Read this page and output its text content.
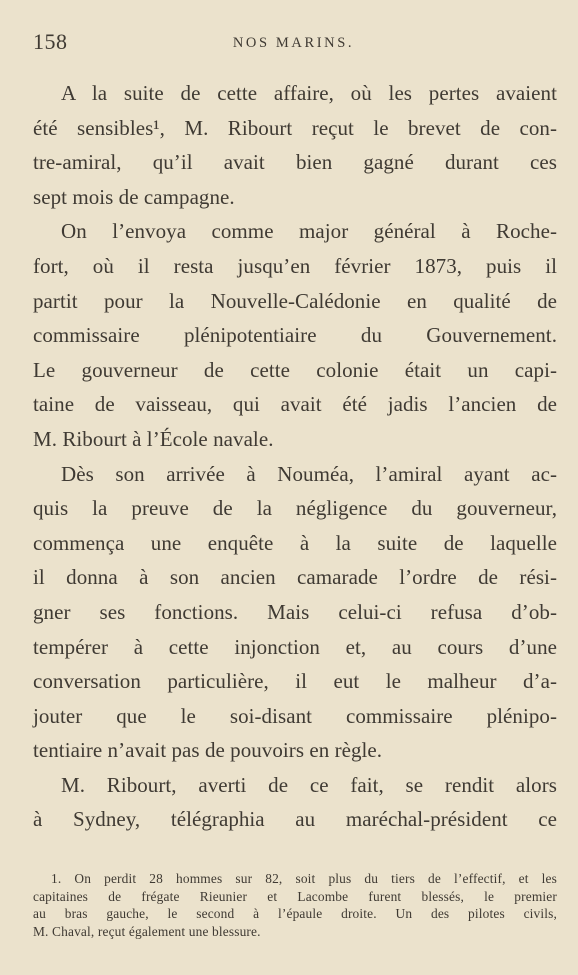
158	NOS MARINS.
A la suite de cette affaire, où les pertes avaient
été sensibles¹, M. Ribourt reçut le brevet de con-
tre-amiral, qu’il avait bien gagné durant ces
sept mois de campagne.
On l’envoya comme major général à Roche-
fort, où il resta jusqu’en février 1873, puis il
partit pour la Nouvelle-Calédonie en qualité de
commissaire plénipotentiaire du Gouvernement.
Le gouverneur de cette colonie était un capi-
taine de vaisseau, qui avait été jadis l’ancien de
M. Ribourt à l’École navale.
Dès son arrivée à Nouméa, l’amiral ayant ac-
quis la preuve de la négligence du gouverneur,
commença une enquête à la suite de laquelle
il donna à son ancien camarade l’ordre de rési-
gner ses fonctions. Mais celui-ci refusa d’ob-
tempérer à cette injonction et, au cours d’une
conversation particulière, il eut le malheur d’a-
jouter que le soi-disant commissaire plénipo-
tentiaire n’avait pas de pouvoirs en règle.
M. Ribourt, averti de ce fait, se rendit alors
à Sydney, télégraphia au maréchal-président ce
1. On perdit 28 hommes sur 82, soit plus du tiers de l’effectif, et les
capitaines de frégate Rieunier et Lacombe furent blessés, le premier
au bras gauche, le second à l’épaule droite. Un des pilotes civils,
M. Chaval, reçut également une blessure.
